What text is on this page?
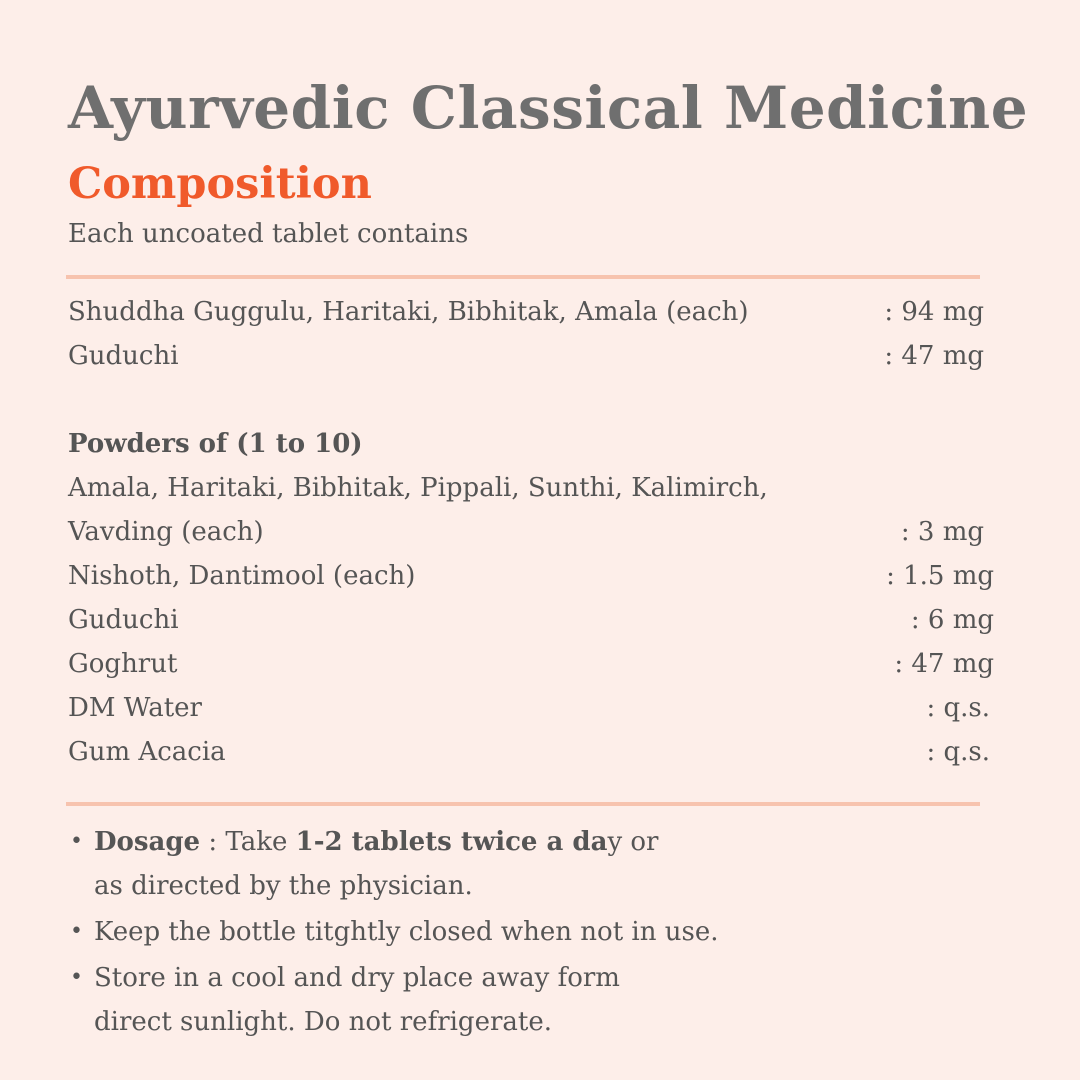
Ayurvedic Classical Medicine
Composition
Each uncoated tablet contains
Shuddha Guggulu, Haritaki, Bibhitak, Amala (each)	: 94 mg
Guduchi	: 47 mg
Powders of (1 to 10)
Amala, Haritaki, Bibhitak, Pippali, Sunthi, Kalimirch,
Vavding (each)	: 3 mg
Nishoth, Dantimool (each)	: 1.5 mg
Guduchi	: 6 mg
Goghrut	: 47 mg
DM Water	: q.s.
Gum Acacia	: q.s.
• Dosage : Take 1-2 tablets twice a day or
as directed by the physician.
• Keep the bottle titghtly closed when not in use.
• Store in a cool and dry place away form
direct sunlight. Do not refrigerate.
